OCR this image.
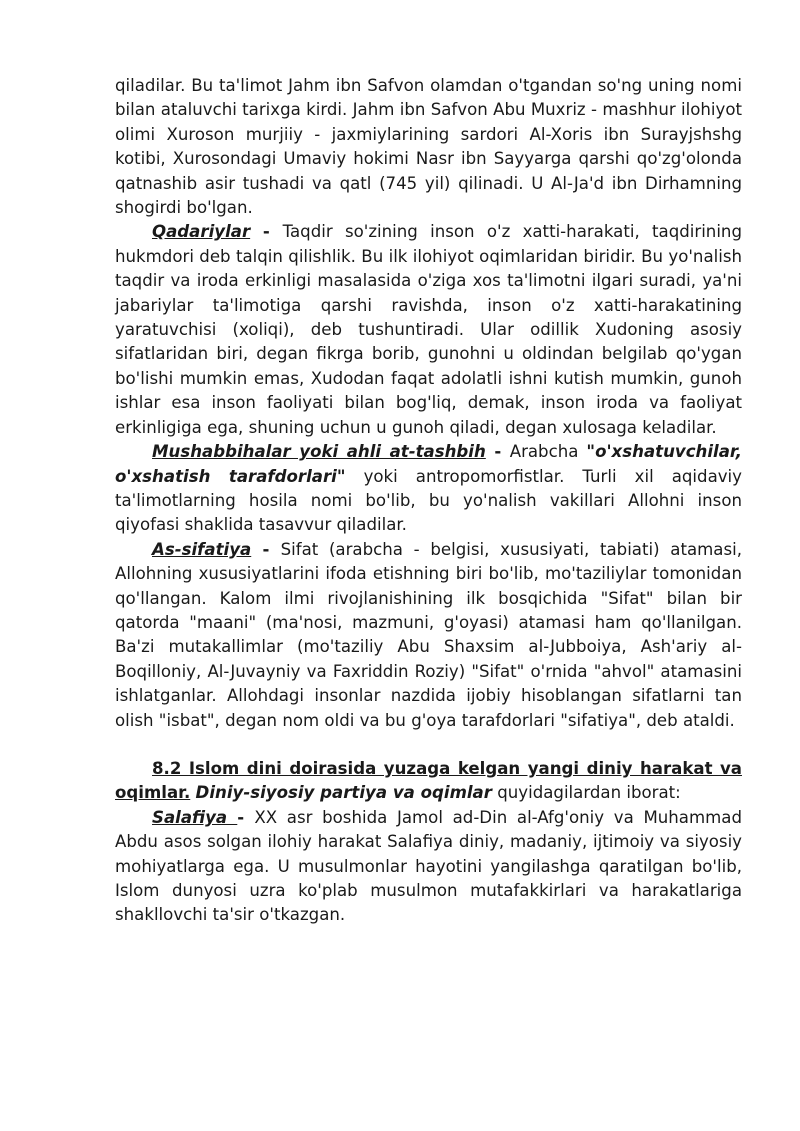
qiladilar. Bu ta'limot Jahm ibn Safvon olamdan o'tgandan so'ng uning nomi bilan ataluvchi tarixga kirdi. Jahm ibn Safvon Abu Muxriz - mashhur ilohiyot olimi Xuroson murjiiy - jaxmiylarining sardori Al-Xoris ibn Surayjshshg kotibi, Xurosondagi Umaviy hokimi Nasr ibn Sayyarga qarshi qo'zg'olonda qatnashib asir tushadi va qatl (745 yil) qilinadi. U Al-Ja'd ibn Dirhamning shogirdi bo'lgan.

Qadariylar - Taqdir so'zining inson o'z xatti-harakati, taqdirining hukmdori deb talqin qilishlik. Bu ilk ilohiyot oqimlaridan biridir. Bu yo'nalish taqdir va iroda erkinligi masalasida o'ziga xos ta'limotni ilgari suradi, ya'ni jabariylar ta'limotiga qarshi ravishda, inson o'z xatti-harakatining yaratuvchisi (xoliqi), deb tushuntiradi. Ular odillik Xudoning asosiy sifatlaridan biri, degan fikrga borib, gunohni u oldindan belgilab qo'ygan bo'lishi mumkin emas, Xudodan faqat adolatli ishni kutish mumkin, gunoh ishlar esa inson faoliyati bilan bog'liq, demak, inson iroda va faoliyat erkinligiga ega, shuning uchun u gunoh qiladi, degan xulosaga keladilar.

Mushabbihalar yoki ahli at-tashbih - Arabcha "o'xshatuvchilar, o'xshatish tarafdorlari" yoki antropomorfistlar. Turli xil aqidaviy ta'limotlarning hosila nomi bo'lib, bu yo'nalish vakillari Allohni inson qiyofasi shaklida tasavvur qiladilar.

As-sifatiya - Sifat (arabcha - belgisi, xususiyati, tabiati) atamasi, Allohning xususiyatlarini ifoda etishning biri bo'lib, mo'taziliylar tomonidan qo'llangan. Kalom ilmi rivojlanishining ilk bosqichida "Sifat" bilan bir qatorda "maani" (ma'nosi, mazmuni, g'oyasi) atamasi ham qo'llanilgan. Ba'zi mutakallimlar (mo'taziliy Abu Shaxsim al-Jubboiya, Ash'ariy al-Boqilloniy, Al-Juvayniy va Faxriddin Roziy) "Sifat" o'rnida "ahvol" atamasini ishlatganlar. Allohdagi insonlar nazdida ijobiy hisoblangan sifatlarni tan olish "isbat", degan nom oldi va bu g'oya tarafdorlari "sifatiya", deb ataldi.

8.2 Islom dini doirasida yuzaga kelgan yangi diniy harakat va oqimlar. Diniy-siyosiy partiya va oqimlar quyidagilardan iborat:

Salafiya - XX asr boshida Jamol ad-Din al-Afg'oniy va Muhammad Abdu asos solgan ilohiy harakat Salafiya diniy, madaniy, ijtimoiy va siyosiy mohiyatlarga ega. U musulmonlar hayotini yangilashga qaratilgan bo'lib, Islom dunyosi uzra ko'plab musulmon mutafakkirlari va harakatlariga shakllovchi ta'sir o'tkazgan.
